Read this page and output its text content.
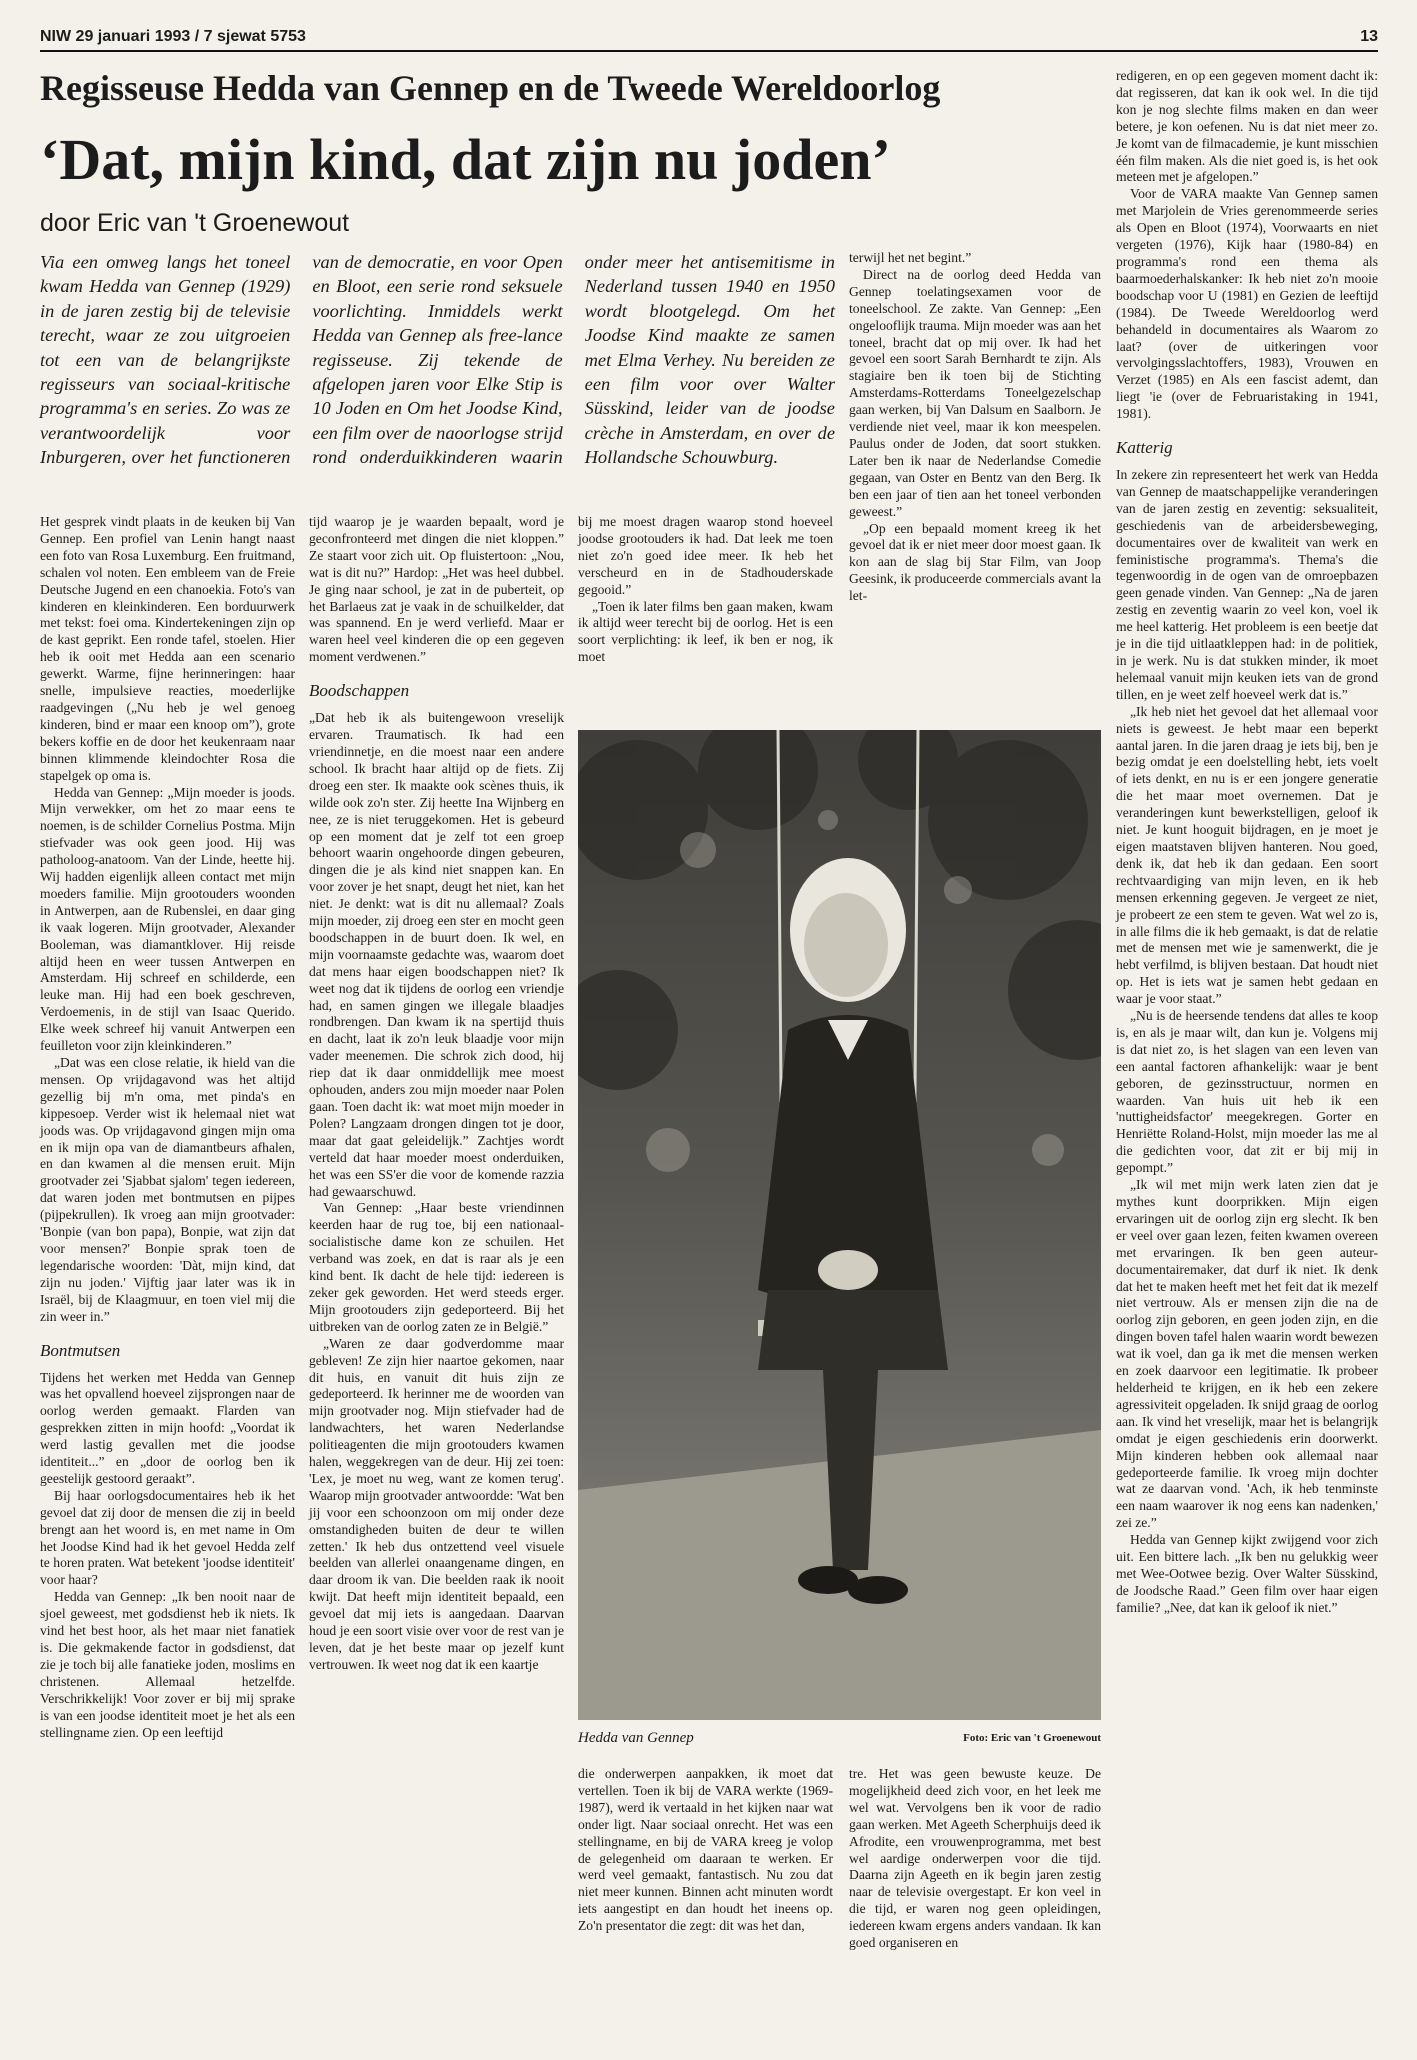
NIW 29 januari 1993 / 7 sjewat 5753	13
Regisseuse Hedda van Gennep en de Tweede Wereldoorlog
‘Dat, mijn kind, dat zijn nu joden’
door Eric van 't Groenewout
Via een omweg langs het toneel kwam Hedda van Gennep (1929) in de jaren zestig bij de televisie terecht, waar ze zou uitgroeien tot een van de belangrijkste regisseurs van sociaal-kritische programma's en series. Zo was ze verantwoordelijk voor Inburgeren, over het functioneren van de democratie, en voor Open en Bloot, een serie rond seksuele voorlichting. Inmiddels werkt Hedda van Gennep als free-lance regisseuse. Zij tekende de afgelopen jaren voor Elke Stip is 10 Joden en Om het Joodse Kind, een film over de naoorlogse strijd rond onderduikkinderen waarin onder meer het antisemitisme in Nederland tussen 1940 en 1950 wordt blootgelegd. Om het Joodse Kind maakte ze samen met Elma Verhey. Nu bereiden ze een film voor over Walter Süsskind, leider van de joodse crèche in Amsterdam, en over de Hollandsche Schouwburg.

Het gesprek vindt plaats in de keuken bij Van Gennep. Een profiel van Lenin hangt naast een foto van Rosa Luxemburg. Een fruitmand, schalen vol noten. Een embleem van de Freie Deutsche Jugend en een chanoekia. Foto's van kinderen en kleinkinderen. Een borduurwerk met tekst: foei oma. Kindertekeningen zijn op de kast geprikt. Een ronde tafel, stoelen. Hier heb ik ooit met Hedda aan een scenario gewerkt. Warme, fijne herinneringen: haar snelle, impulsieve reacties, moederlijke raadgevingen („Nu heb je wel genoeg kinderen, bind er maar een knoop om”), grote bekers koffie en de door het keukenraam naar binnen klimmende kleindochter Rosa die stapelgek op oma is.

Hedda van Gennep: „Mijn moeder is joods. Mijn verwekker, om het zo maar eens te noemen, is de schilder Cornelius Postma. Mijn stiefvader was ook geen jood. Hij was patholoog-anatoom. Van der Linde, heette hij. Wij hadden eigenlijk alleen contact met mijn moeders familie. Mijn grootouders woonden in Antwerpen, aan de Rubenslei, en daar ging ik vaak logeren. Mijn grootvader, Alexander Booleman, was diamantklover. Hij reisde altijd heen en weer tussen Antwerpen en Amsterdam. Hij schreef en schilderde, een leuke man. Hij had een boek geschreven, Verdoemenis, in de stijl van Isaac Querido. Elke week schreef hij vanuit Antwerpen een feuilleton voor zijn kleinkinderen.”

„Dat was een close relatie, ik hield van die mensen. Op vrijdagavond was het altijd gezellig bij m'n oma, met pinda's en kippesoep. Verder wist ik helemaal niet wat joods was. Op vrijdagavond gingen mijn oma en ik mijn opa van de diamantbeurs afhalen, en dan kwamen al die mensen eruit. Mijn grootvader zei 'Sjabbat sjalom' tegen iedereen, dat waren joden met bontmutsen en pijpes (pijpekrullen). Ik vroeg aan mijn grootvader: 'Bonpie (van bon papa), Bonpie, wat zijn dat voor mensen?' Bonpie sprak toen de legendarische woorden: 'Dàt, mijn kind, dat zijn nu joden.' Vijftig jaar later was ik in Israël, bij de Klaagmuur, en toen viel mij die zin weer in.”

Bontmutsen

Tijdens het werken met Hedda van Gennep was het opvallend hoeveel zijsprongen naar de oorlog werden gemaakt. Flarden van gesprekken zitten in mijn hoofd: „Voordat ik werd lastig gevallen met die joodse identiteit...” en „door de oorlog ben ik geestelijk gestoord geraakt”.

Bij haar oorlogsdocumentaires heb ik het gevoel dat zij door de mensen die zij in beeld brengt aan het woord is, en met name in Om het Joodse Kind had ik het gevoel Hedda zelf te horen praten. Wat betekent 'joodse identiteit' voor haar?

Hedda van Gennep: „Ik ben nooit naar de sjoel geweest, met godsdienst heb ik niets. Ik vind het best hoor, als het maar niet fanatiek is. Die gekmakende factor in godsdienst, dat zie je toch bij alle fanatieke joden, moslims en christenen. Allemaal hetzelfde. Verschrikkelijk! Voor zover er bij mij sprake is van een joodse identiteit moet je het als een stellingname zien. Op een leeftijd

tijd waarop je je waarden bepaalt, word je geconfronteerd met dingen die niet kloppen.” Ze staart voor zich uit. Op fluistertoon: „Nou, wat is dit nu?” Hardop: „Het was heel dubbel. Je ging naar school, je zat in de puberteit, op het Barlaeus zat je vaak in de schuilkelder, dat was spannend. En je werd verliefd. Maar er waren heel veel kinderen die op een gegeven moment verdwenen.”

Boodschappen

„Dat heb ik als buitengewoon vreselijk ervaren. Traumatisch. Ik had een vriendinnetje, en die moest naar een andere school. Ik bracht haar altijd op de fiets. Zij droeg een ster. Ik maakte ook scènes thuis, ik wilde ook zo'n ster. Zij heette Ina Wijnberg en nee, ze is niet teruggekomen. Het is gebeurd op een moment dat je zelf tot een groep behoort waarin ongehoorde dingen gebeuren, dingen die je als kind niet snappen kan. En voor zover je het snapt, deugt het niet, kan het niet. Je denkt: wat is dit nu allemaal? Zoals mijn moeder, zij droeg een ster en mocht geen boodschappen in de buurt doen. Ik wel, en mijn voornaamste gedachte was, waarom doet dat mens haar eigen boodschappen niet? Ik weet nog dat ik tijdens de oorlog een vriendje had, en samen gingen we illegale blaadjes rondbrengen. Dan kwam ik na spertijd thuis en dacht, laat ik zo'n leuk blaadje voor mijn vader meenemen. Die schrok zich dood, hij riep dat ik daar onmiddellijk mee moest ophouden, anders zou mijn moeder naar Polen gaan. Toen dacht ik: wat moet mijn moeder in Polen? Langzaam drongen dingen tot je door, maar dat gaat geleidelijk.” Zachtjes wordt verteld dat haar moeder moest onderduiken, het was een SS'er die voor de komende razzia had gewaarschuwd.

Van Gennep: „Haar beste vriendinnen keerden haar de rug toe, bij een nationaal-socialistische dame kon ze schuilen. Het verband was zoek, en dat is raar als je een kind bent. Ik dacht de hele tijd: iedereen is zeker gek geworden. Het werd steeds erger. Mijn grootouders zijn gedeporteerd. Bij het uitbreken van de oorlog zaten ze in België.”

„Waren ze daar godverdomme maar gebleven! Ze zijn hier naartoe gekomen, naar dit huis, en vanuit dit huis zijn ze gedeporteerd. Ik herinner me de woorden van mijn grootvader nog. Mijn stiefvader had de landwachters, het waren Nederlandse politieagenten die mijn grootouders kwamen halen, weggekregen van de deur. Hij zei toen: 'Lex, je moet nu weg, want ze komen terug'. Waarop mijn grootvader antwoordde: 'Wat ben jij voor een schoonzoon om mij onder deze omstandigheden buiten de deur te willen zetten.' Ik heb dus ontzettend veel visuele beelden van allerlei onaangename dingen, en daar droom ik van. Die beelden raak ik nooit kwijt. Dat heeft mijn identiteit bepaald, een gevoel dat mij iets is aangedaan. Daarvan houd je een soort visie over voor de rest van je leven, dat je het beste maar op jezelf kunt vertrouwen. Ik weet nog dat ik een kaartje

bij me moest dragen waarop stond hoeveel joodse grootouders ik had. Dat leek me toen niet zo'n goed idee meer. Ik heb het verscheurd en in de Stadhouderskade gegooid.”

„Toen ik later films ben gaan maken, kwam ik altijd weer terecht bij de oorlog. Het is een soort verplichting: ik leef, ik ben er nog, ik moet

terwijl het net begint.”

Direct na de oorlog deed Hedda van Gennep toelatingsexamen voor de toneelschool. Ze zakte. Van Gennep: „Een ongelooflijk trauma. Mijn moeder was aan het toneel, bracht dat op mij over. Ik had het gevoel een soort Sarah Bernhardt te zijn. Als stagiaire ben ik toen bij de Stichting Amsterdams-Rotterdams Toneelgezelschap gaan werken, bij Van Dalsum en Saalborn. Je verdiende niet veel, maar ik kon meespelen. Paulus onder de Joden, dat soort stukken. Later ben ik naar de Nederlandse Comedie gegaan, van Oster en Bentz van den Berg. Ik ben een jaar of tien aan het toneel verbonden geweest.”

„Op een bepaald moment kreeg ik het gevoel dat ik er niet meer door moest gaan. Ik kon aan de slag bij Star Film, van Joop Geesink, ik produceerde commercials avant la let-

Hedda van Gennep	Foto: Eric van 't Groenewout

die onderwerpen aanpakken, ik moet dat vertellen. Toen ik bij de VARA werkte (1969-1987), werd ik vertaald in het kijken naar wat onder ligt. Naar sociaal onrecht. Het was een stellingname, en bij de VARA kreeg je volop de gelegenheid om daaraan te werken. Er werd veel gemaakt, fantastisch. Nu zou dat niet meer kunnen. Binnen acht minuten wordt iets aangestipt en dan houdt het ineens op. Zo'n presentator die zegt: dit was het dan,

tre. Het was geen bewuste keuze. De mogelijkheid deed zich voor, en het leek me wel wat. Vervolgens ben ik voor de radio gaan werken. Met Ageeth Scherphuijs deed ik Afrodite, een vrouwenprogramma, met best wel aardige onderwerpen voor die tijd. Daarna zijn Ageeth en ik begin jaren zestig naar de televisie overgestapt. Er kon veel in die tijd, er waren nog geen opleidingen, iedereen kwam ergens anders vandaan. Ik kan goed organiseren en

redigeren, en op een gegeven moment dacht ik: dat regisseren, dat kan ik ook wel. In die tijd kon je nog slechte films maken en dan weer betere, je kon oefenen. Nu is dat niet meer zo. Je komt van de filmacademie, je kunt misschien één film maken. Als die niet goed is, is het ook meteen met je afgelopen.”

Voor de VARA maakte Van Gennep samen met Marjolein de Vries gerenommeerde series als Open en Bloot (1974), Voorwaarts en niet vergeten (1976), Kijk haar (1980-84) en programma's rond een thema als baarmoederhalskanker: Ik heb niet zo'n mooie boodschap voor U (1981) en Gezien de leeftijd (1984). De Tweede Wereldoorlog werd behandeld in documentaires als Waarom zo laat? (over de uitkeringen voor vervolgingsslachtoffers, 1983), Vrouwen en Verzet (1985) en Als een fascist ademt, dan liegt 'ie (over de Februaristaking in 1941, 1981).

Katterig

In zekere zin representeert het werk van Hedda van Gennep de maatschappelijke veranderingen van de jaren zestig en zeventig: seksualiteit, geschiedenis van de arbeidersbeweging, documentaires over de kwaliteit van werk en feministische programma's. Thema's die tegenwoordig in de ogen van de omroepbazen geen genade vinden. Van Gennep: „Na de jaren zestig en zeventig waarin zo veel kon, voel ik me heel katterig. Het probleem is een beetje dat je in die tijd uitlaatkleppen had: in de politiek, in je werk. Nu is dat stukken minder, ik moet helemaal vanuit mijn keuken iets van de grond tillen, en je weet zelf hoeveel werk dat is.”

„Ik heb niet het gevoel dat het allemaal voor niets is geweest. Je hebt maar een beperkt aantal jaren. In die jaren draag je iets bij, ben je bezig omdat je een doelstelling hebt, iets voelt of iets denkt, en nu is er een jongere generatie die het maar moet overnemen. Dat je veranderingen kunt bewerkstelligen, geloof ik niet. Je kunt hooguit bijdragen, en je moet je eigen maatstaven blijven hanteren. Nou goed, denk ik, dat heb ik dan gedaan. Een soort rechtvaardiging van mijn leven, en ik heb mensen erkenning gegeven. Je vergeet ze niet, je probeert ze een stem te geven. Wat wel zo is, in alle films die ik heb gemaakt, is dat de relatie met de mensen met wie je samenwerkt, die je hebt verfilmd, is blijven bestaan. Dat houdt niet op. Het is iets wat je samen hebt gedaan en waar je voor staat.”

„Nu is de heersende tendens dat alles te koop is, en als je maar wilt, dan kun je. Volgens mij is dat niet zo, is het slagen van een leven van een aantal factoren afhankelijk: waar je bent geboren, de gezinsstructuur, normen en waarden. Van huis uit heb ik een 'nuttigheidsfactor' meegekregen. Gorter en Henriëtte Roland-Holst, mijn moeder las me al die gedichten voor, dat zit er bij mij in gepompt.”

„Ik wil met mijn werk laten zien dat je mythes kunt doorprikken. Mijn eigen ervaringen uit de oorlog zijn erg slecht. Ik ben er veel over gaan lezen, feiten kwamen overeen met ervaringen. Ik ben geen auteur-documentairemaker, dat durf ik niet. Ik denk dat het te maken heeft met het feit dat ik mezelf niet vertrouw. Als er mensen zijn die na de oorlog zijn geboren, en geen joden zijn, en die dingen boven tafel halen waarin wordt bewezen wat ik voel, dan ga ik met die mensen werken en zoek daarvoor een legitimatie. Ik probeer helderheid te krijgen, en ik heb een zekere agressiviteit opgeladen. Ik snijd graag de oorlog aan. Ik vind het vreselijk, maar het is belangrijk omdat je eigen geschiedenis erin doorwerkt. Mijn kinderen hebben ook allemaal naar gedeporteerde familie. Ik vroeg mijn dochter wat ze daarvan vond. 'Ach, ik heb tenminste een naam waarover ik nog eens kan nadenken,' zei ze.”

Hedda van Gennep kijkt zwijgend voor zich uit. Een bittere lach. „Ik ben nu gelukkig weer met Wee-Ootwee bezig. Over Walter Süsskind, de Joodsche Raad.” Geen film over haar eigen familie? „Nee, dat kan ik geloof ik niet.”
